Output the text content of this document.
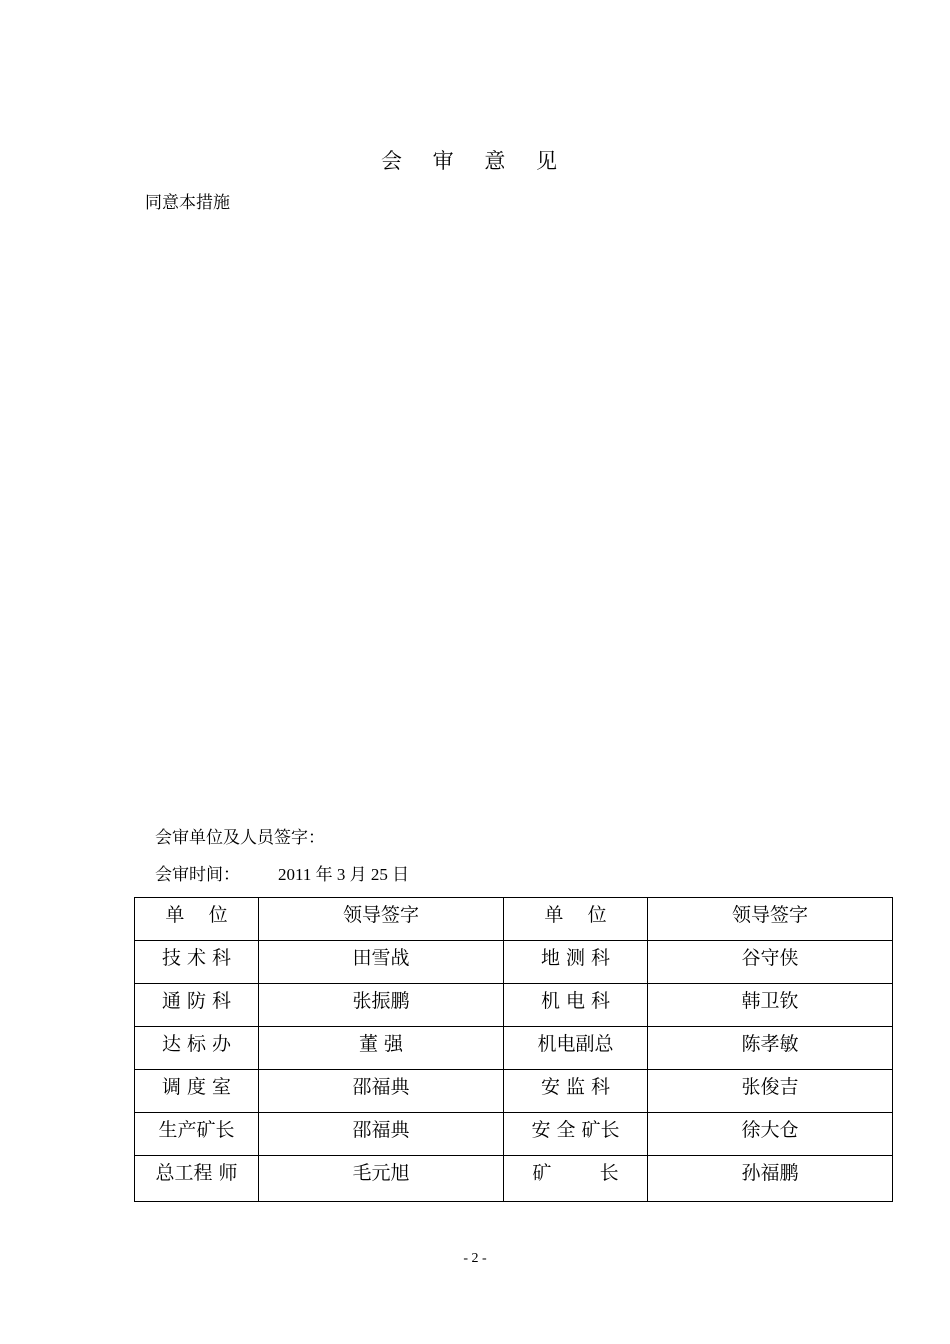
会 审 意 见
同意本措施
会审单位及人员签字：
会审时间： 2011 年 3 月 25 日
单    位	领导签字	单    位	领导签字
技 术 科	田雪战	地 测 科	谷守侠
通 防 科	张振鹏	机 电 科	韩卫钦
达 标 办	董 强	机电副总	陈孝敏
调 度 室	邵福典	安 监 科	张俊吉
生产矿长	邵福典	安 全 矿长	徐大仓
总工程 师	毛元旭	矿        长	孙福鹏
- 2 -
